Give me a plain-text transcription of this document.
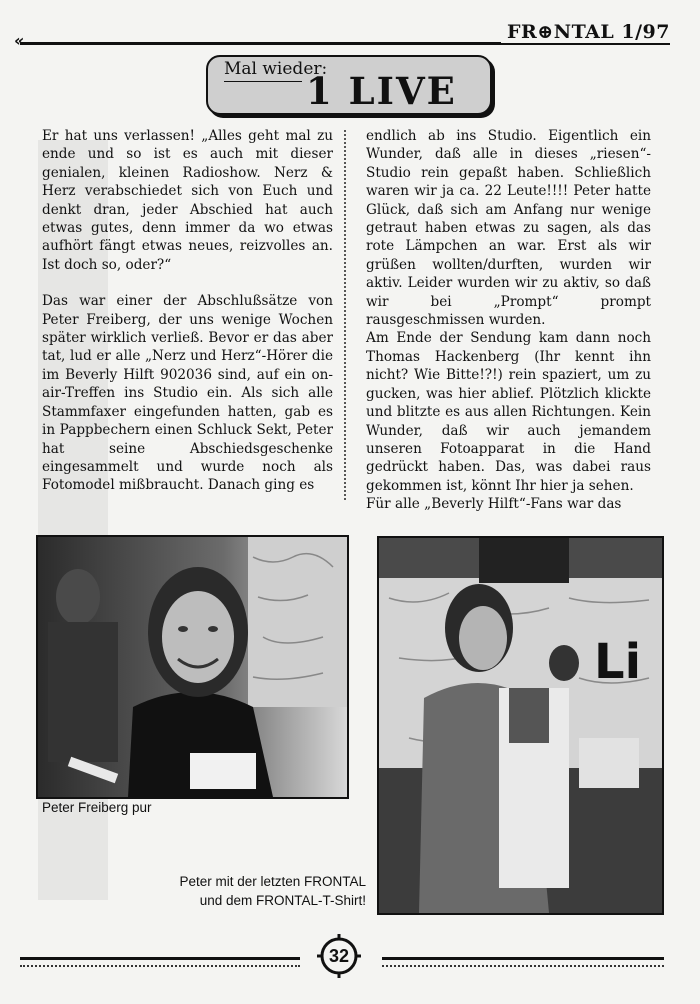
«	FR⊕NTAL 1/97
Mal wieder:
1 LIVE

Er hat uns verlassen! „Alles geht mal zu ende und so ist es auch mit dieser genialen, kleinen Radioshow. Nerz & Herz verabschiedet sich von Euch und denkt dran, jeder Abschied hat auch etwas gutes, denn immer da wo etwas aufhört fängt etwas neues, reizvolles an. Ist doch so, oder?“

Das war einer der Abschlußsätze von Peter Freiberg, der uns wenige Wochen später wirklich verließ. Bevor er das aber tat, lud er alle „Nerz und Herz“-Hörer die im Beverly Hilft 902036 sind, auf ein on-air-Treffen ins Studio ein. Als sich alle Stammfaxer eingefunden hatten, gab es in Pappbechern einen Schluck Sekt, Peter hat seine Abschiedsgeschenke eingesammelt und wurde noch als Fotomodel mißbraucht. Danach ging es

endlich ab ins Studio. Eigentlich ein Wunder, daß alle in dieses „riesen“-Studio rein gepaßt haben. Schließlich waren wir ja ca. 22 Leute!!!! Peter hatte Glück, daß sich am Anfang nur wenige getraut haben etwas zu sagen, als das rote Lämpchen an war. Erst als wir grüßen wollten/durften, wurden wir aktiv. Leider wurden wir zu aktiv, so daß wir bei „Prompt“ prompt rausgeschmissen wurden.

Am Ende der Sendung kam dann noch Thomas Hackenberg (Ihr kennt ihn nicht? Wie Bitte!?!) rein spaziert, um zu gucken, was hier ablief. Plötzlich klickte und blitzte es aus allen Richtungen. Kein Wunder, daß wir auch jemandem unseren Fotoapparat in die Hand gedrückt haben. Das, was dabei raus gekommen ist, könnt Ihr hier ja sehen.

Für alle „Beverly Hilft“-Fans war das

Peter Freiberg pur
Li
Peter mit der letzten FRONTAL
und dem FRONTAL-T-Shirt!
32
